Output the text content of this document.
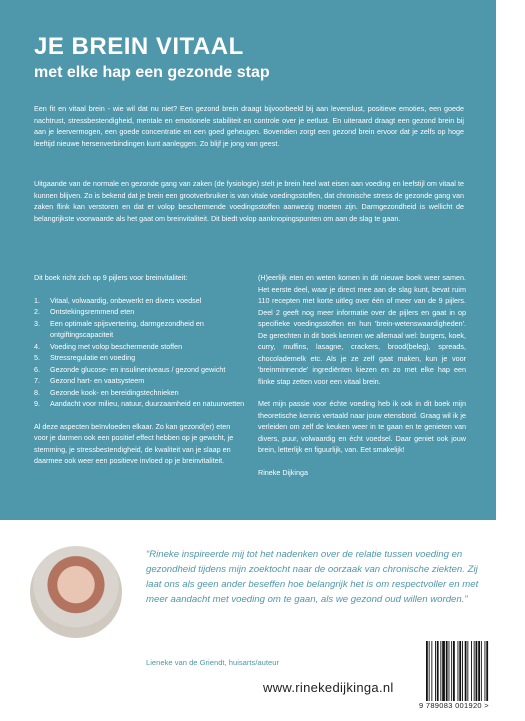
JE BREIN VITAAL
met elke hap een gezonde stap

Een fit en vitaal brein - wie wil dat nu niet? Een gezond brein draagt bijvoorbeeld bij aan levenslust, positieve emoties, een goede nachtrust, stressbestendigheid, mentale en emotionele stabiliteit en controle over je eetlust. En uiteraard draagt een gezond brein bij aan je leervermogen, een goede concentratie en een goed geheugen. Bovendien zorgt een gezond brein ervoor dat je zelfs op hoge leeftijd nieuwe hersenverbindingen kunt aanleggen. Zo blijf je jong van geest.

Uitgaande van de normale en gezonde gang van zaken (de fysiologie) stelt je brein heel wat eisen aan voeding en leefstijl om vitaal te kunnen blijven. Zo is bekend dat je brein een grootverbruiker is van vitale voedingsstoffen, dat chronische stress de gezonde gang van zaken flink kan verstoren en dat er volop beschermende voedingsstoffen aanwezig moeten zijn. Darmgezondheid is wellicht de belangrijkste voorwaarde als het gaat om breinvitaliteit. Dit biedt volop aanknopingspunten om aan de slag te gaan.

Dit boek richt zich op 9 pijlers voor breinvitaliteit:

1.	Vitaal, volwaardig, onbewerkt en divers voedsel
2.	Ontstekingsremmend eten
3.	Een optimale spijsvertering, darmgezondheid en ontgiftingscapaciteit
4.	Voeding met volop beschermende stoffen
5.	Stressregulatie en voeding
6.	Gezonde glucose- en insulineniveaus / gezond gewicht
7.	Gezond hart- en vaatsysteem
8.	Gezonde kook- en bereidingstechnieken
9.	Aandacht voor milieu, natuur, duurzaamheid en natuurwetten

Al deze aspecten beïnvloeden elkaar. Zo kan gezond(er) eten voor je darmen ook een positief effect hebben op je gewicht, je stemming, je stressbestendigheid, de kwaliteit van je slaap en daarmee ook weer een positieve invloed op je breinvitaliteit.

(H)eerlijk eten en weten komen in dit nieuwe boek weer samen. Het eerste deel, waar je direct mee aan de slag kunt, bevat ruim 110 recepten met korte uitleg over één of meer van de 9 pijlers. Deel 2 geeft nog meer informatie over de pijlers en gaat in op specifieke voedingsstoffen en hun 'brein-wetenswaardigheden'. De gerechten in dit boek kennen we allemaal wel: burgers, koek, curry, muffins, lasagne, crackers, brood(beleg), spreads, chocolademelk etc. Als je ze zelf gaat maken, kun je voor 'breinminnende' ingrediënten kiezen en zo met elke hap een flinke stap zetten voor een vitaal brein.

Met mijn passie voor échte voeding heb ik ook in dit boek mijn theoretische kennis vertaald naar jouw etensbord. Graag wil ik je verleiden om zelf de keuken weer in te gaan en te genieten van divers, puur, volwaardig en écht voedsel. Daar geniet ook jouw brein, letterlijk en figuurlijk, van. Eet smakelijk!

Rineke Dijkinga

“Rineke inspireerde mij tot het nadenken over de relatie tussen voeding en gezondheid tijdens mijn zoektocht naar de oorzaak van chronische ziekten. Zij laat ons als geen ander beseffen hoe belangrijk het is om respectvoller en met meer aandacht met voeding om te gaan, als we gezond oud willen worden.”

Lieneke van de Griendt, huisarts/auteur

www.rinekedijkinga.nl

9 789083 001920 >
